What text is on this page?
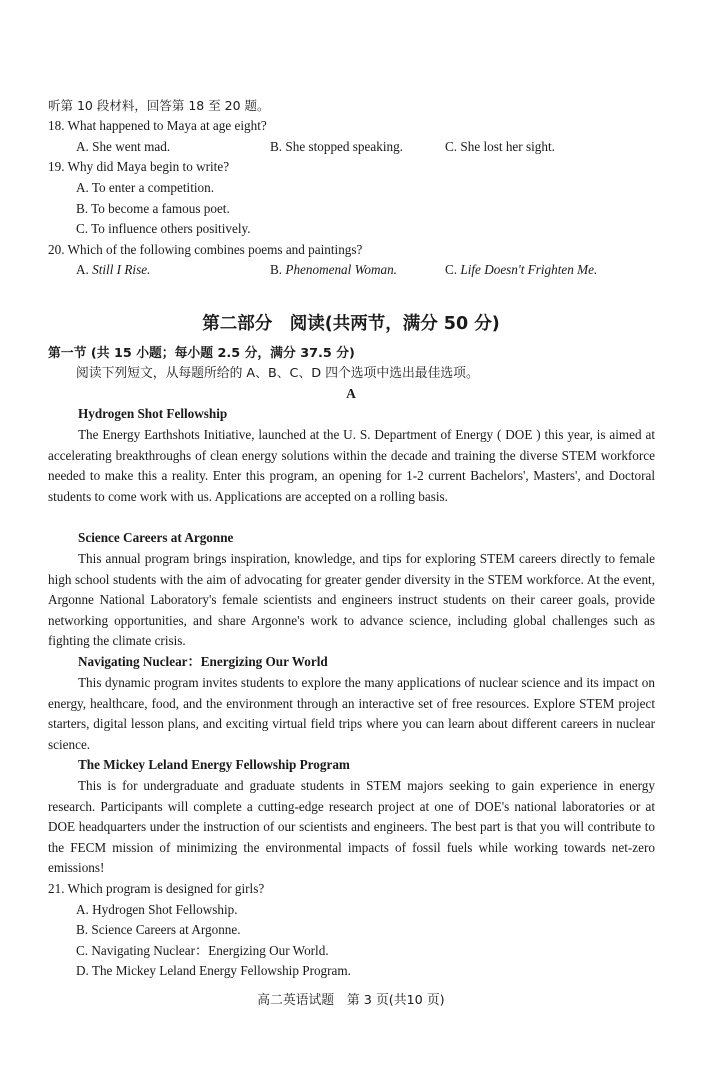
听第 10 段材料，回答第 18 至 20 题。
18. What happened to Maya at age eight?
A. She went mad.	B. She stopped speaking.	C. She lost her sight.
19. Why did Maya begin to write?
A. To enter a competition.
B. To become a famous poet.
C. To influence others positively.
20. Which of the following combines poems and paintings?
A. Still I Rise.	B. Phenomenal Woman.	C. Life Doesn't Frighten Me.
第二部分　阅读(共两节，满分 50 分)
第一节 (共 15 小题；每小题 2.5 分，满分 37.5 分)
阅读下列短文，从每题所给的 A、B、C、D 四个选项中选出最佳选项。
A
Hydrogen Shot Fellowship
The Energy Earthshots Initiative, launched at the U. S. Department of Energy ( DOE ) this year, is aimed at accelerating breakthroughs of clean energy solutions within the decade and training the diverse STEM workforce needed to make this a reality. Enter this program, an opening for 1-2 current Bachelors', Masters', and Doctoral students to come work with us. Applications are accepted on a rolling basis.
Science Careers at Argonne
This annual program brings inspiration, knowledge, and tips for exploring STEM careers directly to female high school students with the aim of advocating for greater gender diversity in the STEM workforce. At the event, Argonne National Laboratory's female scientists and engineers instruct students on their career goals, provide networking opportunities, and share Argonne's work to advance science, including global challenges such as fighting the climate crisis.
Navigating Nuclear：Energizing Our World
This dynamic program invites students to explore the many applications of nuclear science and its impact on energy, healthcare, food, and the environment through an interactive set of free resources. Explore STEM project starters, digital lesson plans, and exciting virtual field trips where you can learn about different careers in nuclear science.
The Mickey Leland Energy Fellowship Program
This is for undergraduate and graduate students in STEM majors seeking to gain experience in energy research. Participants will complete a cutting-edge research project at one of DOE's national laboratories or at DOE headquarters under the instruction of our scientists and engineers. The best part is that you will contribute to the FECM mission of minimizing the environmental impacts of fossil fuels while working towards net-zero emissions!
21. Which program is designed for girls?
A. Hydrogen Shot Fellowship.
B. Science Careers at Argonne.
C. Navigating Nuclear：Energizing Our World.
D. The Mickey Leland Energy Fellowship Program.
高二英语试题　第 3 页(共10 页)
